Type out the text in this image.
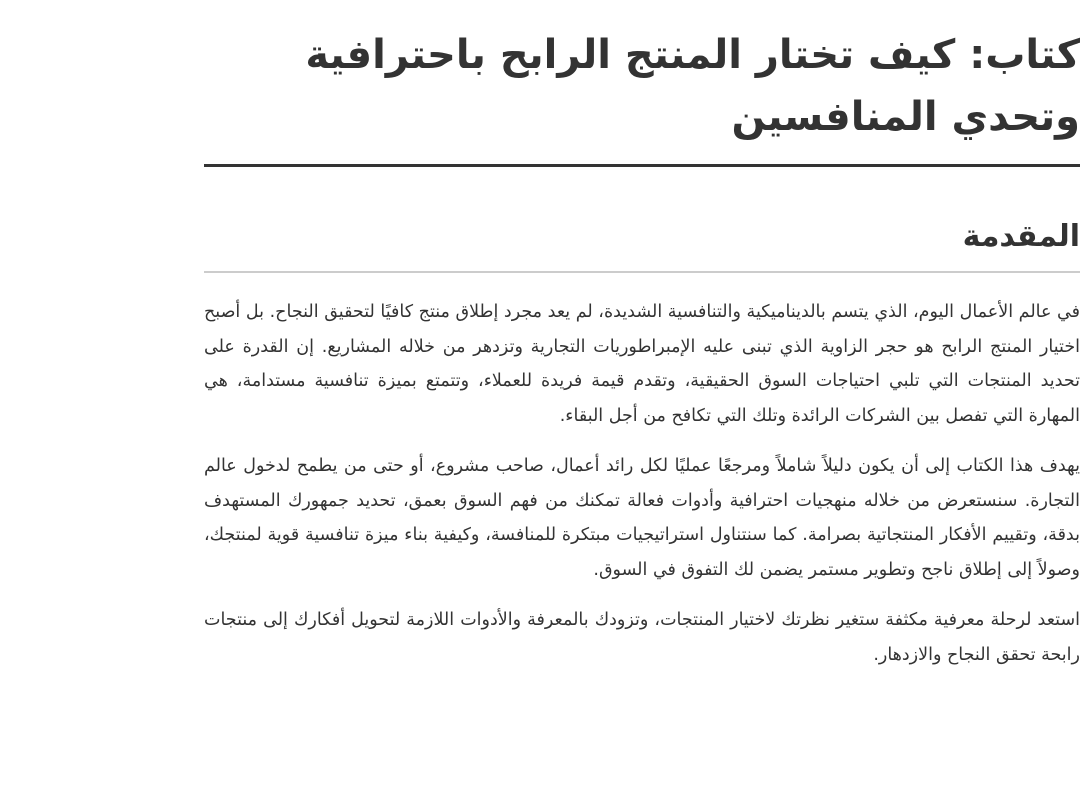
كتاب: كيف تختار المنتج الرابح باحترافية وتحدي المنافسين
المقدمة

في عالم الأعمال اليوم، الذي يتسم بالديناميكية والتنافسية الشديدة، لم يعد مجرد إطلاق منتج كافيًا لتحقيق النجاح. بل أصبح اختيار المنتج الرابح هو حجر الزاوية الذي تبنى عليه الإمبراطوريات التجارية وتزدهر من خلاله المشاريع. إن القدرة على تحديد المنتجات التي تلبي احتياجات السوق الحقيقية، وتقدم قيمة فريدة للعملاء، وتتمتع بميزة تنافسية مستدامة، هي المهارة التي تفصل بين الشركات الرائدة وتلك التي تكافح من أجل البقاء.

يهدف هذا الكتاب إلى أن يكون دليلاً شاملاً ومرجعًا عمليًا لكل رائد أعمال، صاحب مشروع، أو حتى من يطمح لدخول عالم التجارة. سنستعرض من خلاله منهجيات احترافية وأدوات فعالة تمكنك من فهم السوق بعمق، تحديد جمهورك المستهدف بدقة، وتقييم الأفكار المنتجاتية بصرامة. كما سنتناول استراتيجيات مبتكرة للمنافسة، وكيفية بناء ميزة تنافسية قوية لمنتجك، وصولاً إلى إطلاق ناجح وتطوير مستمر يضمن لك التفوق في السوق.

استعد لرحلة معرفية مكثفة ستغير نظرتك لاختيار المنتجات، وتزودك بالمعرفة والأدوات اللازمة لتحويل أفكارك إلى منتجات رابحة تحقق النجاح والازدهار.
